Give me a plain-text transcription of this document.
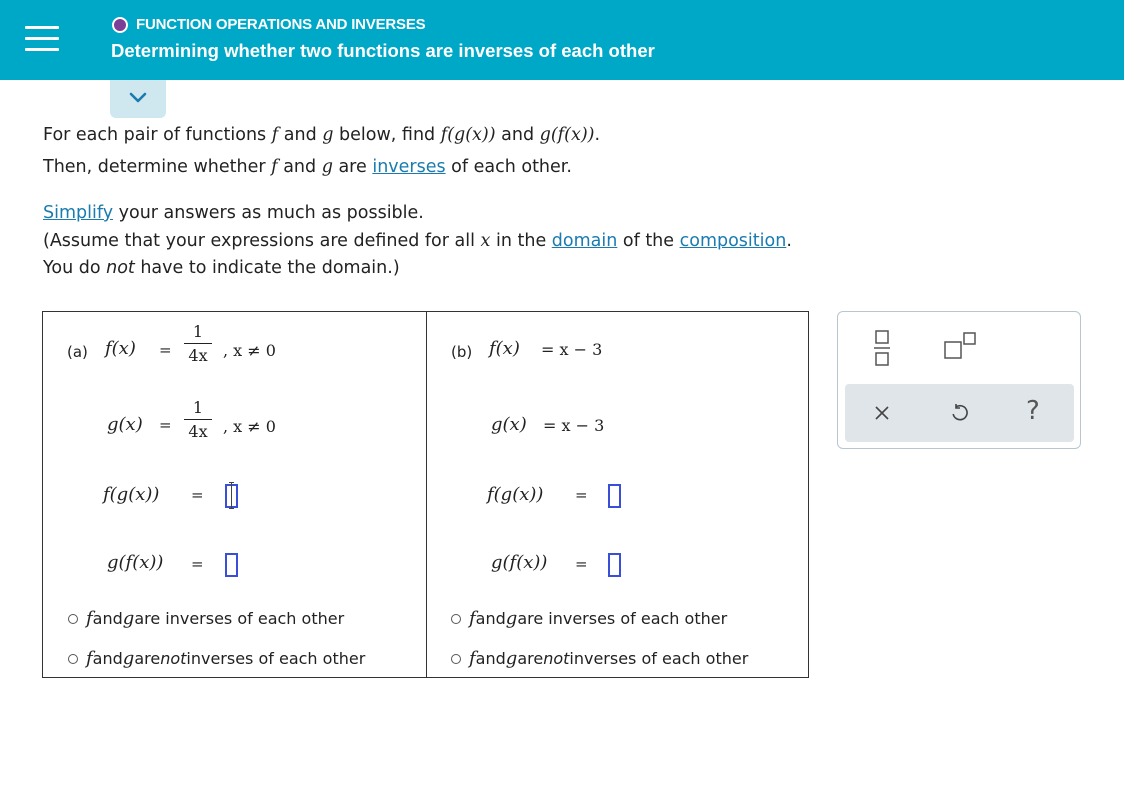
FUNCTION OPERATIONS AND INVERSES
Determining whether two functions are inverses of each other
For each pair of functions f and g below, find f(g(x)) and g(f(x)).
Then, determine whether f and g are inverses of each other.
Simplify your answers as much as possible.
(Assume that your expressions are defined for all x in the domain of the composition.
You do not have to indicate the domain.)
(a) f(x) =
1
4x , x ≠ 0
g(x) =
1
4x , x ≠ 0
f(g(x)) =
g(f(x)) =
f and g are inverses of each other
f and g are not inverses of each other
(b) f(x) = x − 3
g(x) = x − 3
f(g(x)) =
g(f(x)) =
f and g are inverses of each other
f and g are not inverses of each other
?
